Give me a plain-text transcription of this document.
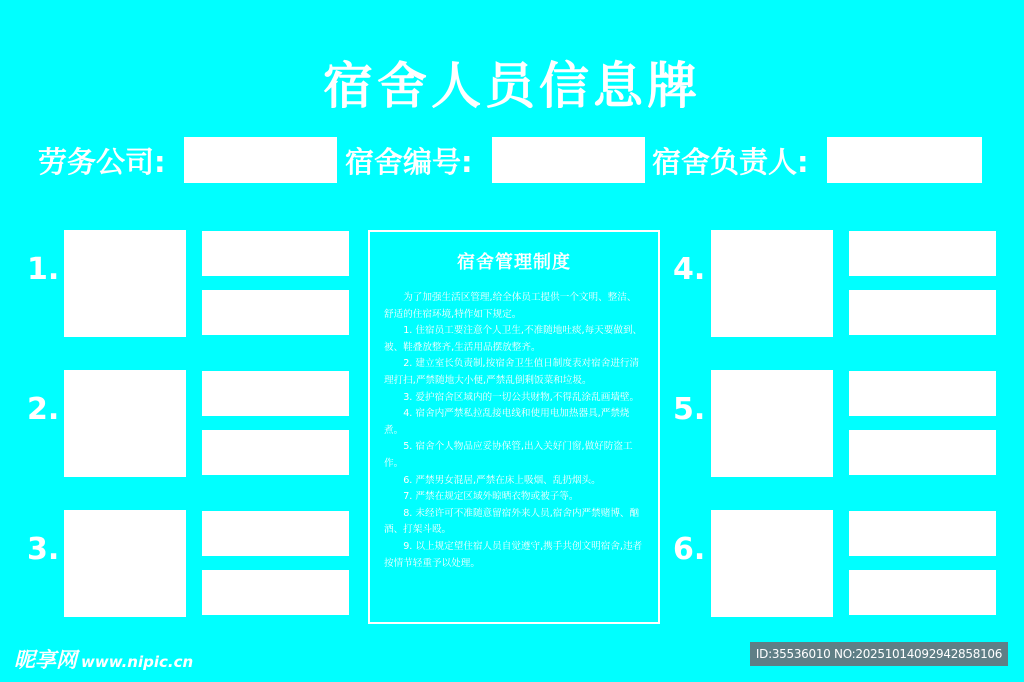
宿舍人员信息牌
劳务公司:	宿舍编号:	宿舍负责人:
1.
2.
3.
4.
5.
6.
宿舍管理制度

为了加强生活区管理,给全体员工提供一个文明、整洁、舒适的住宿环境,特作如下规定。

1. 住宿员工要注意个人卫生,不准随地吐痰,每天要做到、被、鞋叠放整齐,生活用品摆放整齐。

2. 建立室长负责制,按宿舍卫生值日制度表对宿舍进行清理打扫,严禁随地大小便,严禁乱倒剩饭菜和垃圾。

3. 爱护宿舍区域内的一切公共财物,不得乱涂乱画墙壁。

4. 宿舍内严禁私拉乱接电线和使用电加热器具,严禁烧煮。

5. 宿舍个人物品应妥协保管,出入关好门窗,做好防盗工作。

6. 严禁男女混居,严禁在床上吸烟、乱扔烟头。

7. 严禁在规定区域外晾晒衣物或被子等。

8. 未经许可不准随意留宿外来人员,宿舍内严禁赌博、酗酒、打架斗殴。

9. 以上规定望住宿人员自觉遵守,携手共创文明宿舍,违者按情节轻重予以处理。

昵享网 www.nipic.cn	ID:35536010 NO:20251014092942858106
